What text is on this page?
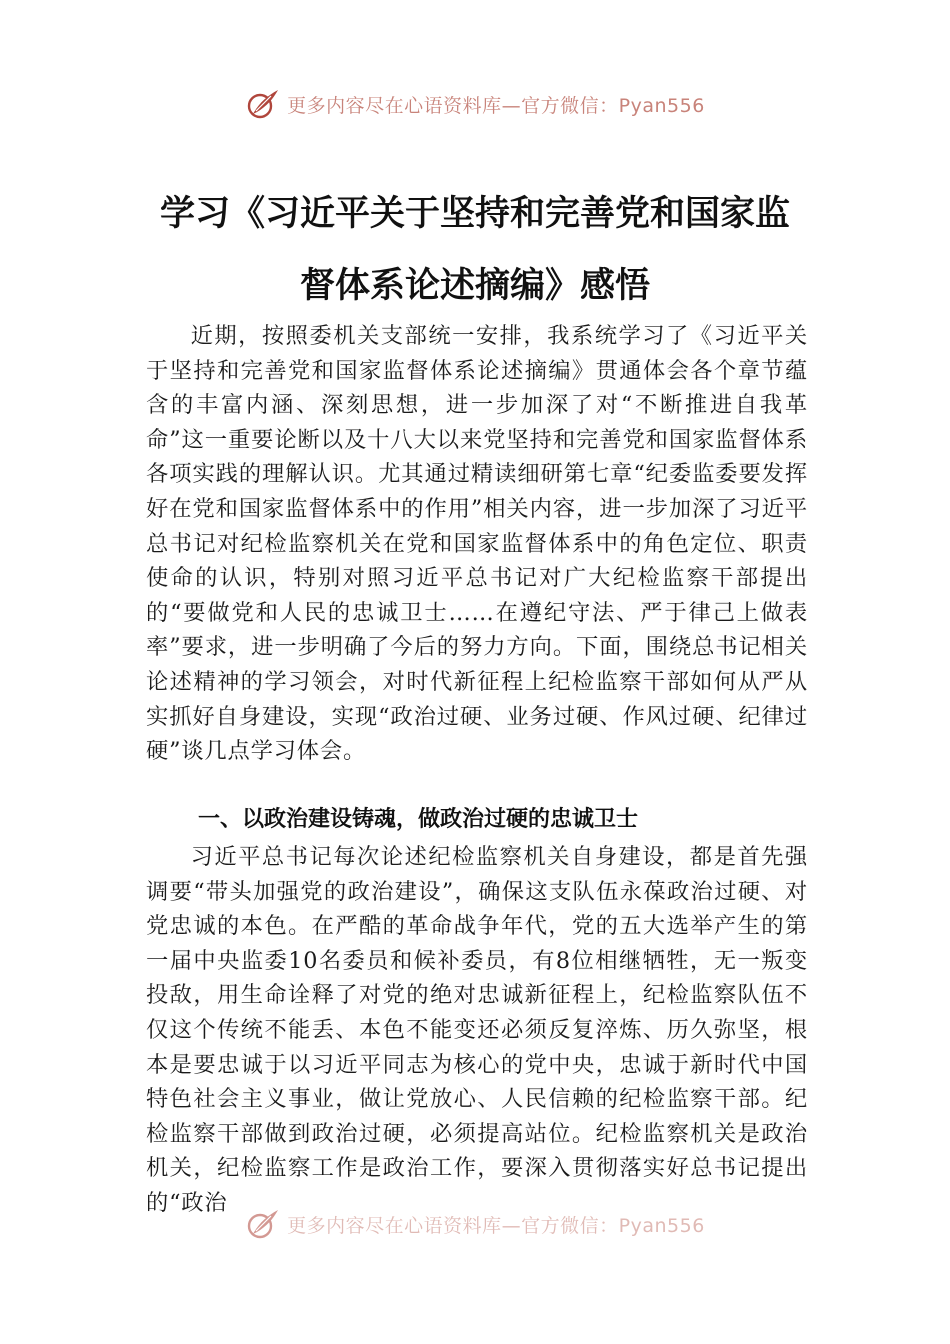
更多内容尽在心语资料库—官方微信：Pyan556
学习《习近平关于坚持和完善党和国家监
督体系论述摘编》感悟

近期，按照委机关支部统一安排，我系统学习了《习近平关于坚持和完善党和国家监督体系论述摘编》贯通体会各个章节蕴含的丰富内涵、深刻思想，进一步加深了对“不断推进自我革命”这一重要论断以及十八大以来党坚持和完善党和国家监督体系各项实践的理解认识。尤其通过精读细研第七章“纪委监委要发挥好在党和国家监督体系中的作用”相关内容，进一步加深了习近平总书记对纪检监察机关在党和国家监督体系中的角色定位、职责使命的认识，特别对照习近平总书记对广大纪检监察干部提出的“要做党和人民的忠诚卫士……在遵纪守法、严于律己上做表率”要求，进一步明确了今后的努力方向。下面，围绕总书记相关论述精神的学习领会，对时代新征程上纪检监察干部如何从严从实抓好自身建设，实现“政治过硬、业务过硬、作风过硬、纪律过硬”谈几点学习体会。

一、以政治建设铸魂，做政治过硬的忠诚卫士

习近平总书记每次论述纪检监察机关自身建设，都是首先强调要“带头加强党的政治建设”，确保这支队伍永葆政治过硬、对党忠诚的本色。在严酷的革命战争年代，党的五大选举产生的第一届中央监委10名委员和候补委员，有8位相继牺牲，无一叛变投敌，用生命诠释了对党的绝对忠诚新征程上，纪检监察队伍不仅这个传统不能丢、本色不能变还必须反复淬炼、历久弥坚，根本是要忠诚于以习近平同志为核心的党中央，忠诚于新时代中国特色社会主义事业，做让党放心、人民信赖的纪检监察干部。纪检监察干部做到政治过硬，必须提高站位。纪检监察机关是政治机关，纪检监察工作是政治工作，要深入贯彻落实好总书记提出的“政治

更多内容尽在心语资料库—官方微信：Pyan556
